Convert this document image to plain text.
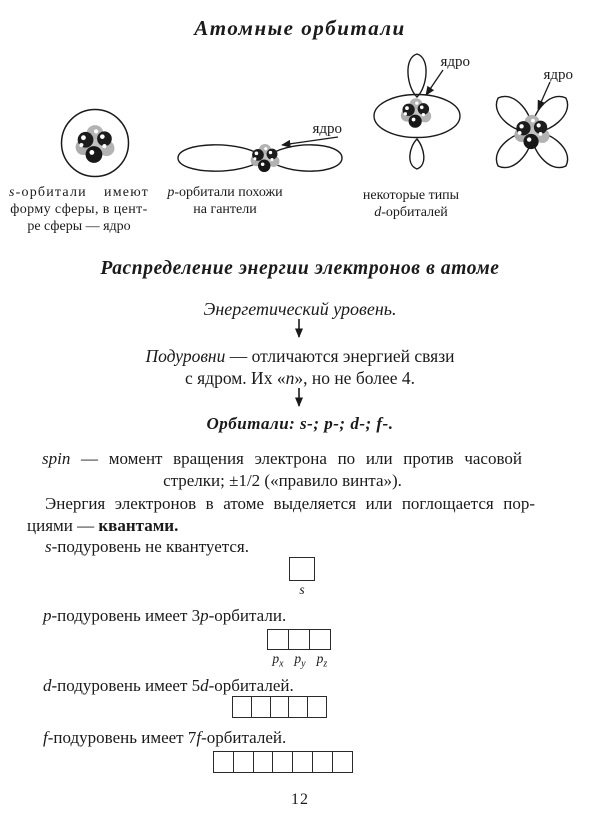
Атомные орбитали
ядро
ядро
ядро
s-орбитали имеют
форму сферы, в цент-
ре сферы — ядро
p-орбитали похожи
на гантели
некоторые типы
d-орбиталей
Распределение энергии электронов в атоме
Энергетический уровень.
Подуровни — отличаются энергией связи
с ядром. Их «n», но не более 4.
Орбитали: s-; p-; d-; f-.
spin — момент вращения электрона по или против часовой
стрелки; ±1/2 («правило винта»).
Энергия электронов в атоме выделяется или поглощается пор-
циями — квантами.
s-подуровень не квантуется.
s
p-подуровень имеет 3p-орбитали.
$p_x$ $p_y$ $p_z$
d-подуровень имеет 5d-орбиталей.
f-подуровень имеет 7f-орбиталей.
12
